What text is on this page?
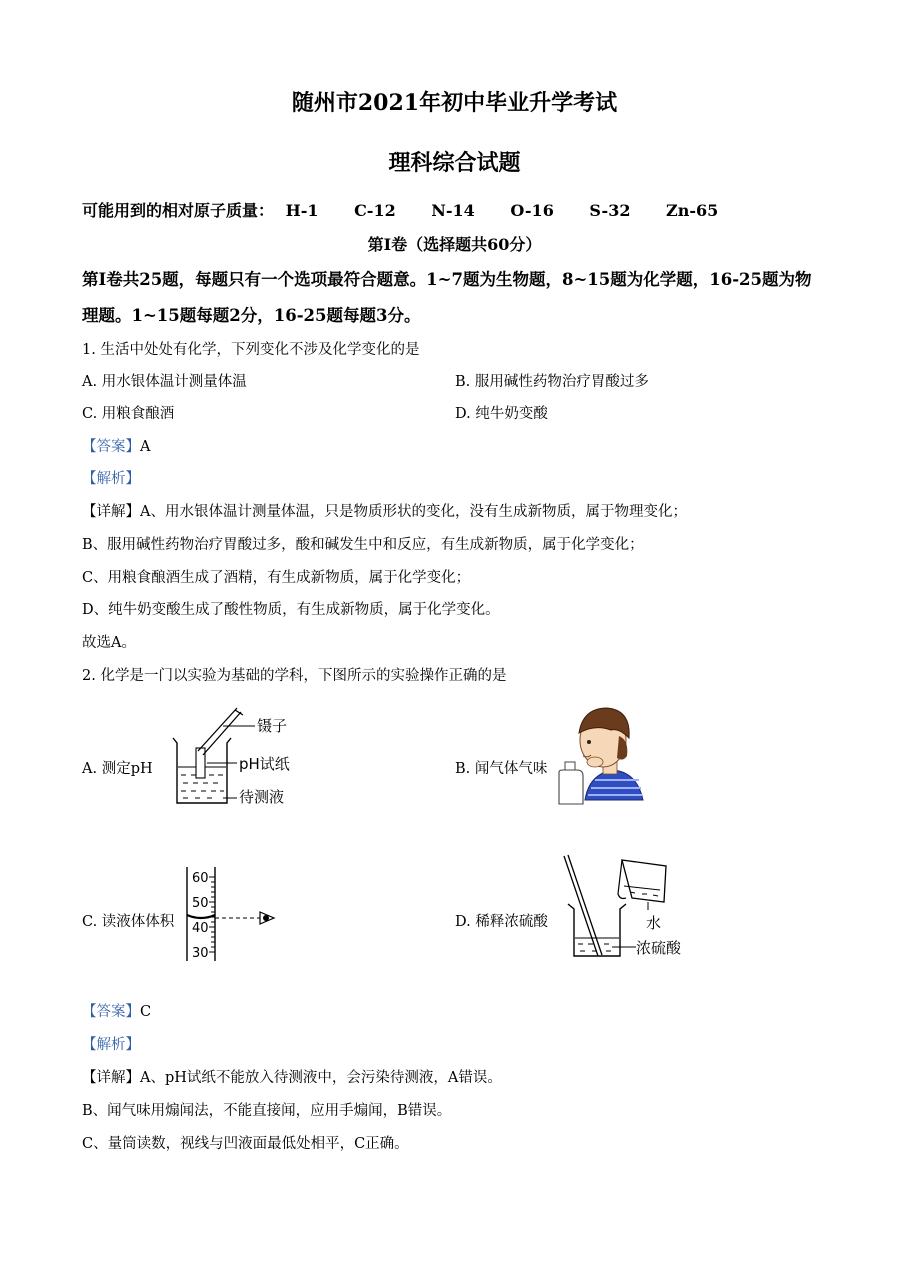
随州市2021年初中毕业升学考试
理科综合试题
可能用到的相对原子质量： H-1 C-12 N-14 O-16 S-32 Zn-65
第Ⅰ卷（选择题共60分）
第Ⅰ卷共25题，每题只有一个选项最符合题意。1~7题为生物题，8~15题为化学题，16-25题为物理题。1~15题每题2分，16-25题每题3分。
1. 生活中处处有化学，下列变化不涉及化学变化的是
A. 用水银体温计测量体温	B. 服用碱性药物治疗胃酸过多
C. 用粮食酿酒	D. 纯牛奶变酸
【答案】A
【解析】
【详解】A、用水银体温计测量体温，只是物质形状的变化，没有生成新物质，属于物理变化；
B、服用碱性药物治疗胃酸过多，酸和碱发生中和反应，有生成新物质，属于化学变化；
C、用粮食酿酒生成了酒精，有生成新物质，属于化学变化；
D、纯牛奶变酸生成了酸性物质，有生成新物质，属于化学变化。
故选A。
2. 化学是一门以实验为基础的学科，下图所示的实验操作正确的是
A. 测定pH
镊子
pH试纸
待测液
B. 闻气体气味
C. 读液体体积
60
50
40
30
D. 稀释浓硫酸	水
浓硫酸
【答案】C
【解析】
【详解】A、pH试纸不能放入待测液中，会污染待测液，A错误。
B、闻气味用煽闻法，不能直接闻，应用手煽闻，B错误。
C、量筒读数，视线与凹液面最低处相平，C正确。
